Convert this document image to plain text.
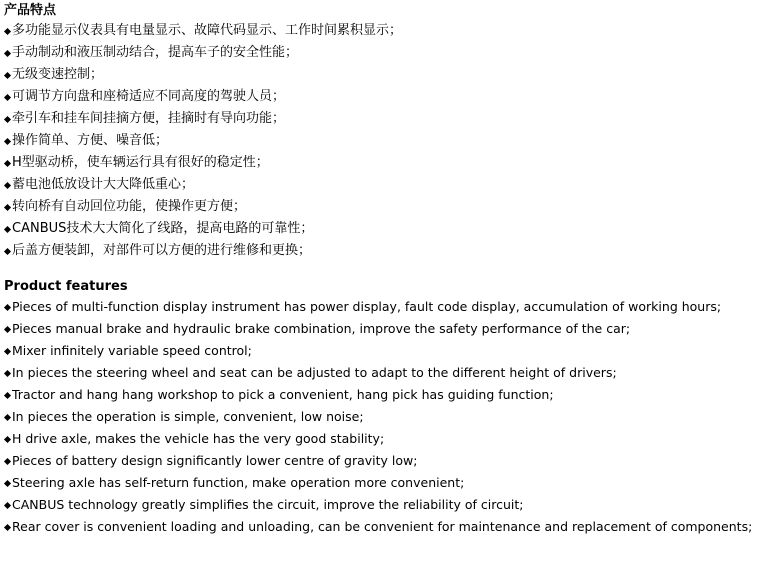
产品特点
多功能显示仪表具有电量显示、故障代码显示、工作时间累积显示；
手动制动和液压制动结合，提高车子的安全性能；
无级变速控制；
可调节方向盘和座椅适应不同高度的驾驶人员；
牵引车和挂车间挂摘方便，挂摘时有导向功能；
操作简单、方便、噪音低；
H型驱动桥，使车辆运行具有很好的稳定性；
蓄电池低放设计大大降低重心；
转向桥有自动回位功能，使操作更方便；
CANBUS技术大大简化了线路，提高电路的可靠性；
后盖方便装卸，对部件可以方便的进行维修和更换；
Product features
Pieces of multi-function display instrument has power display, fault code display, accumulation of working hours;
Pieces manual brake and hydraulic brake combination, improve the safety performance of the car;
Mixer infinitely variable speed control;
In pieces the steering wheel and seat can be adjusted to adapt to the different height of drivers;
Tractor and hang hang workshop to pick a convenient, hang pick has guiding function;
In pieces the operation is simple, convenient, low noise;
H drive axle, makes the vehicle has the very good stability;
Pieces of battery design significantly lower centre of gravity low;
Steering axle has self-return function, make operation more convenient;
CANBUS technology greatly simplifies the circuit, improve the reliability of circuit;
Rear cover is convenient loading and unloading, can be convenient for maintenance and replacement of components;
